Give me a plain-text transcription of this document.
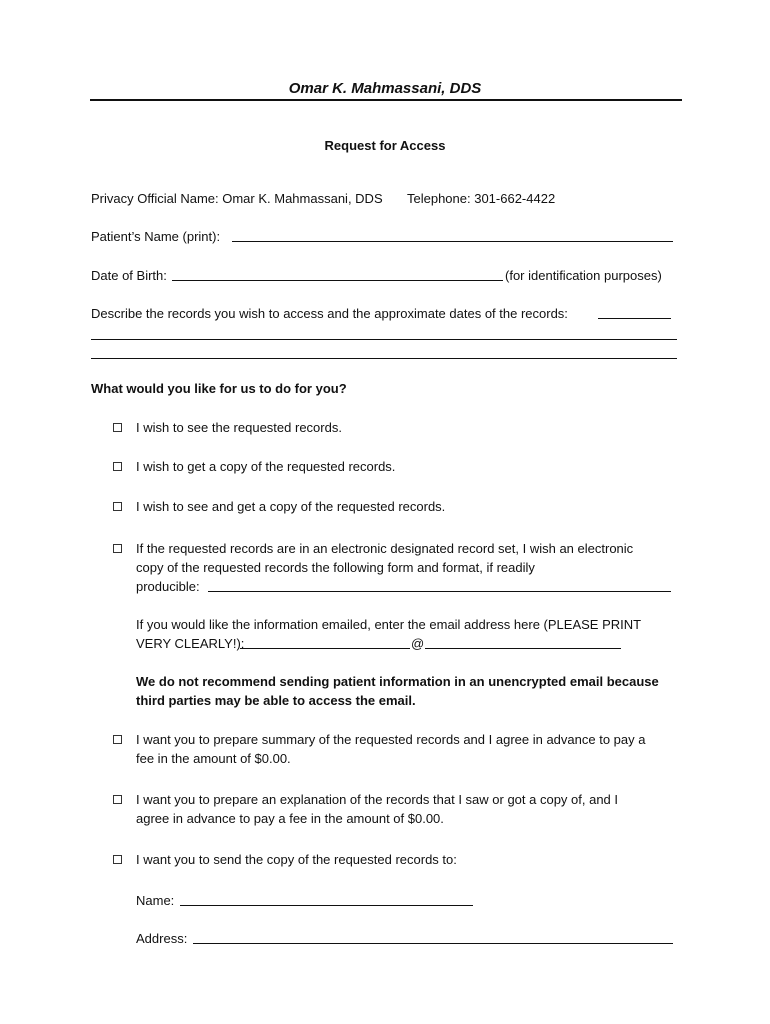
Omar K. Mahmassani, DDS
Request for Access
Privacy Official Name: Omar K. Mahmassani, DDS Telephone: 301-662-4422
Patient’s Name (print):
Date of Birth:	(for identification purposes)
Describe the records you wish to access and the approximate dates of the records:
What would you like for us to do for you?
I wish to see the requested records.
I wish to get a copy of the requested records.
I wish to see and get a copy of the requested records.
If the requested records are in an electronic designated record set, I wish an electronic
copy of the requested records the following form and format, if readily
producible:
If you would like the information emailed, enter the email address here (PLEASE PRINT
VERY CLEARLY!):	@
We do not recommend sending patient information in an unencrypted email because
third parties may be able to access the email.
I want you to prepare summary of the requested records and I agree in advance to pay a
fee in the amount of $0.00.
I want you to prepare an explanation of the records that I saw or got a copy of, and I
agree in advance to pay a fee in the amount of $0.00.
I want you to send the copy of the requested records to:
Name:
Address:
